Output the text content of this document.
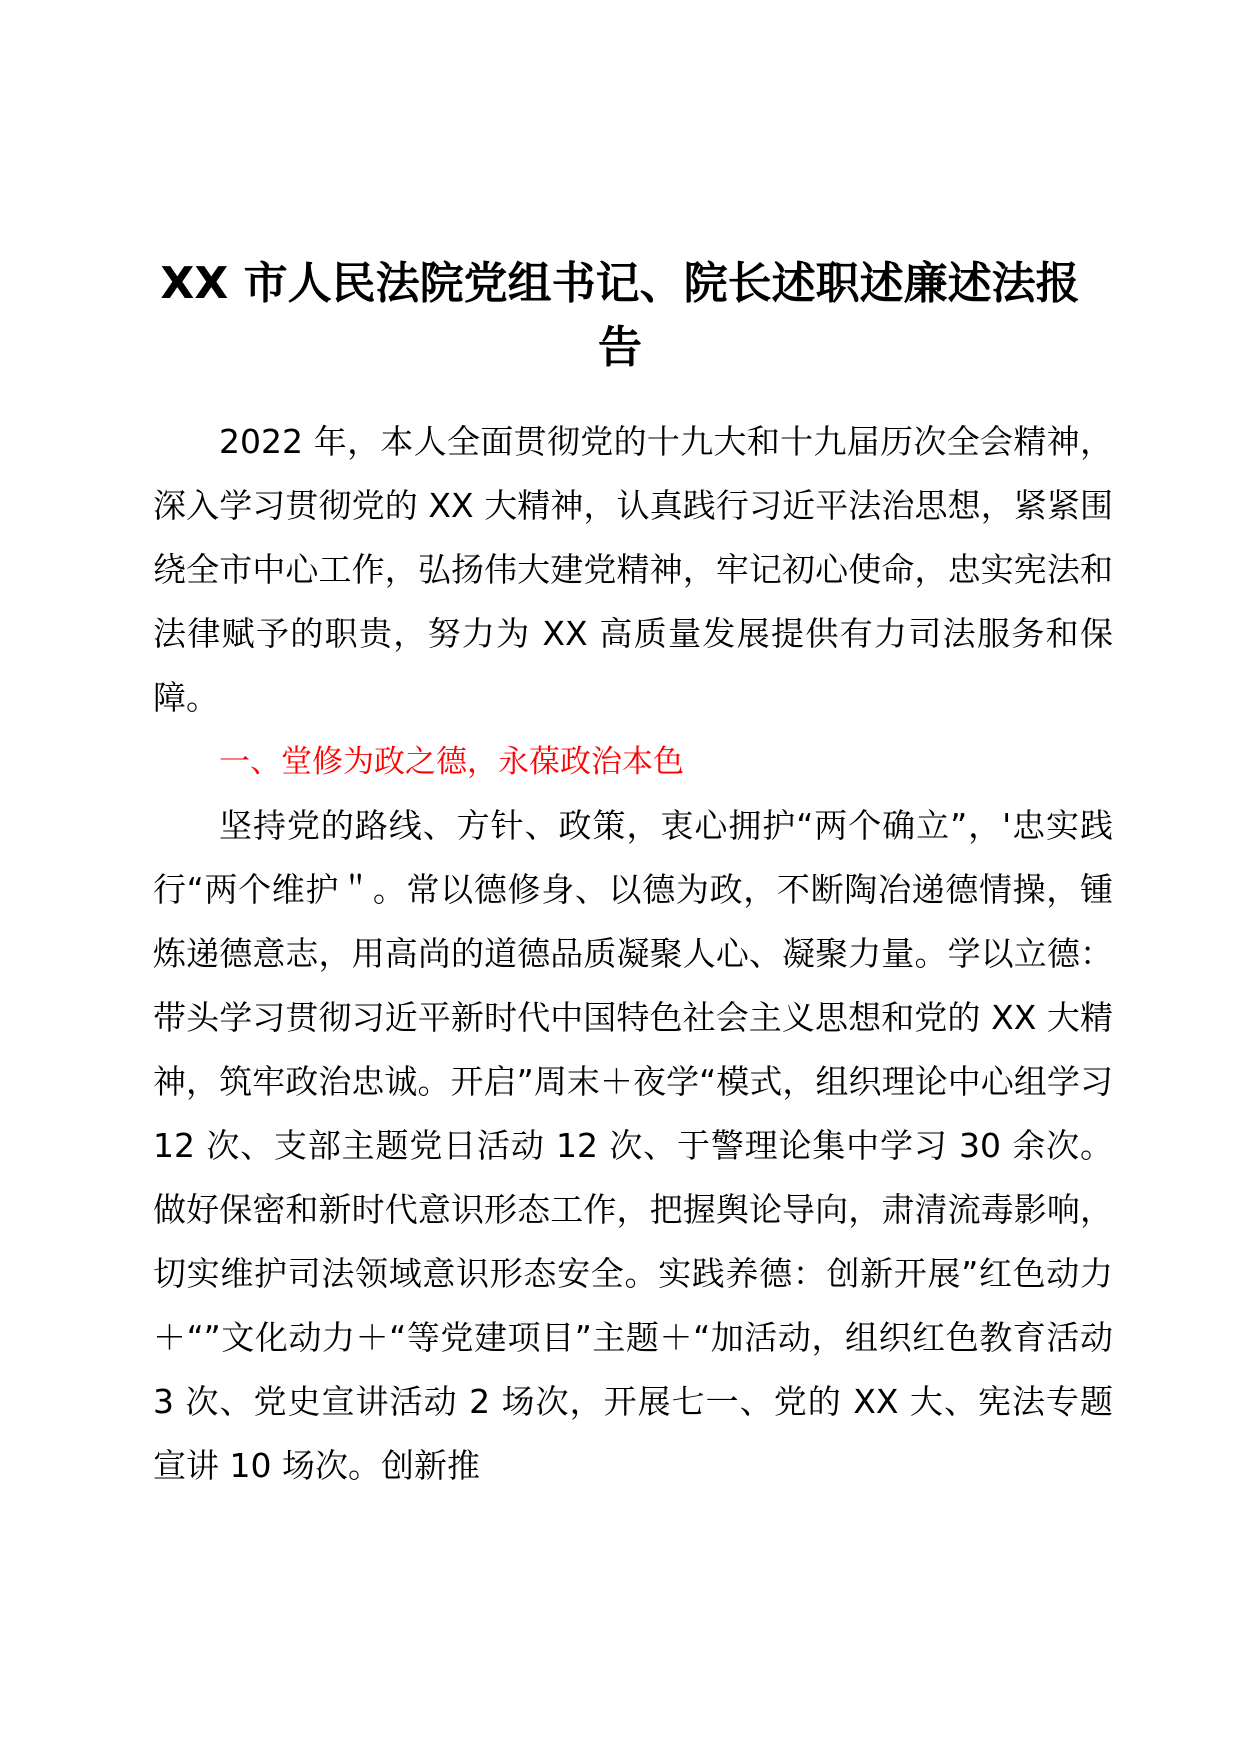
XX 市人民法院党组书记、院长述职述廉述法报告

2022 年，本人全面贯彻党的十九大和十九届历次全会精神，深入学习贯彻党的 XX 大精神，认真践行习近平法治思想，紧紧围绕全市中心工作，弘扬伟大建党精神，牢记初心使命，忠实宪法和法律赋予的职贵，努力为 XX 高质量发展提供有力司法服务和保障。

一、堂修为政之德，永葆政治本色

坚持党的路线、方针、政策，衷心拥护“两个确立”，'忠实践行“两个维护＂。常以德修身、以德为政，不断陶冶递德情操，锺炼递德意志，用高尚的道德品质凝聚人心、凝聚力量。学以立德：带头学习贯彻习近平新时代中国特色社会主义思想和党的 XX 大精神，筑牢政治忠诚。开启”周末＋夜学“模式，组织理论中心组学习 12 次、支部主题党日活动 12 次、于警理论集中学习 30 余次。做好保密和新时代意识形态工作，把握舆论导向，肃清流毒影响，切实维护司法领域意识形态安全。实践养德：创新开展”红色动力＋“”文化动力＋“等党建项目”主题＋“加活动，组织红色教育活动 3 次、党史宣讲活动 2 场次，开展七一、党的 XX 大、宪法专题宣讲 10 场次。创新推
